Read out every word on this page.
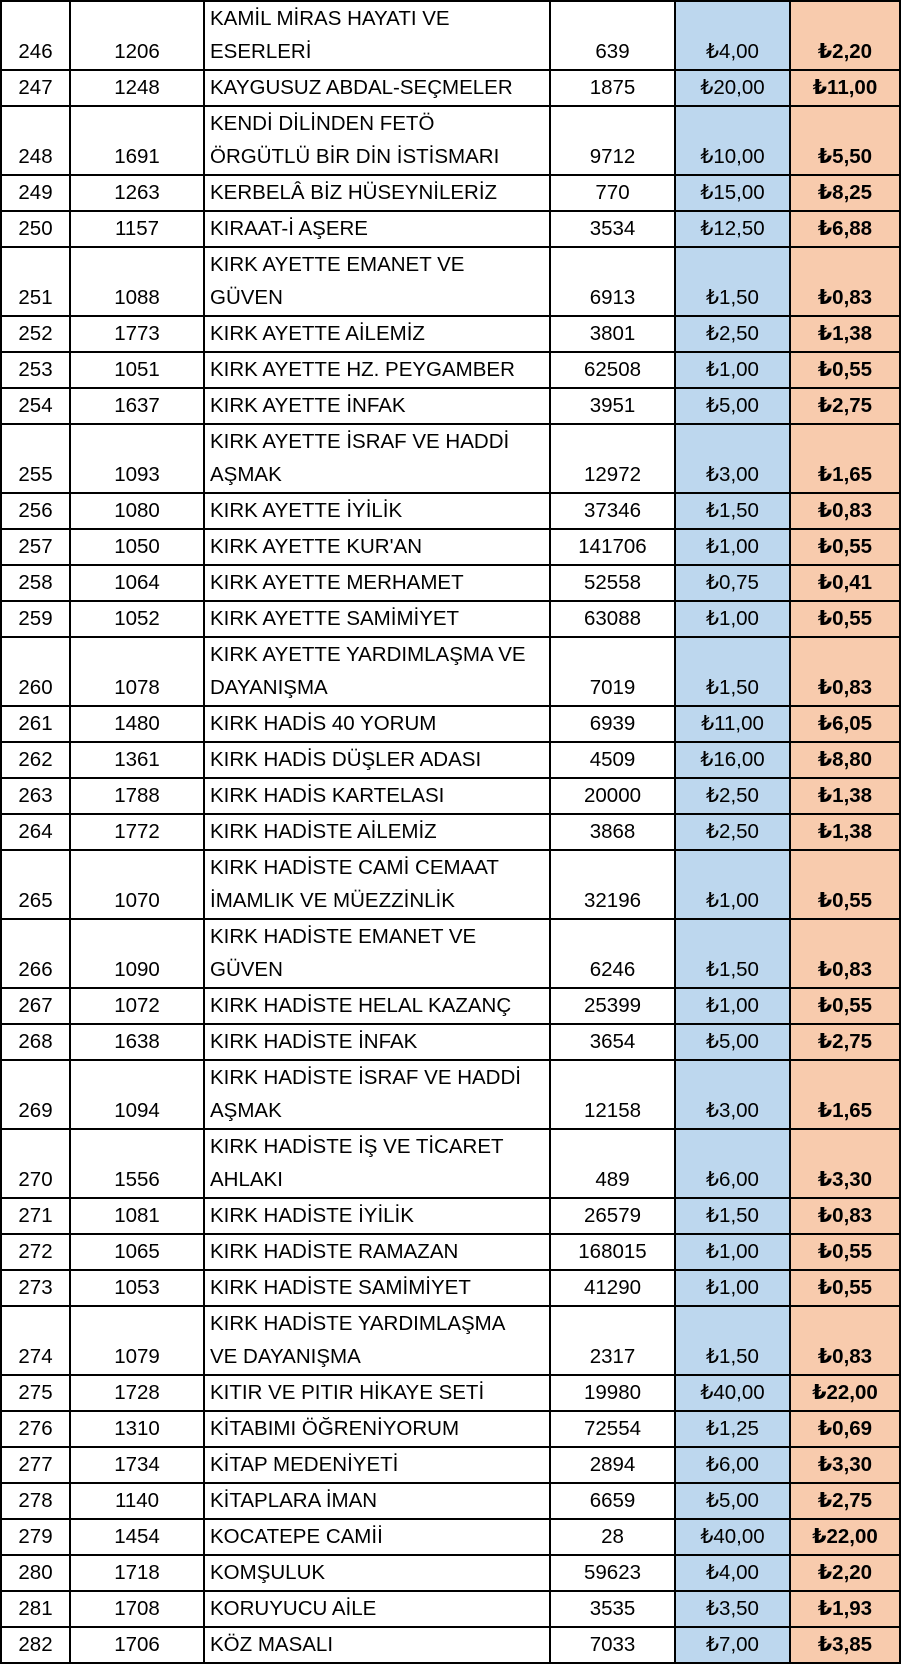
246	1206	KAMİL MİRAS HAYATI VE
ESERLERİ	639	₺4,00	₺2,20
247	1248	KAYGUSUZ ABDAL-SEÇMELER	1875	₺20,00	₺11,00
248	1691	KENDİ DİLİNDEN FETÖ
ÖRGÜTLÜ BİR DİN İSTİSMARI	9712	₺10,00	₺5,50
249	1263	KERBELÂ BİZ HÜSEYNİLERİZ	770	₺15,00	₺8,25
250	1157	KIRAAT-İ AŞERE	3534	₺12,50	₺6,88
251	1088	KIRK AYETTE EMANET VE
GÜVEN	6913	₺1,50	₺0,83
252	1773	KIRK AYETTE AİLEMİZ	3801	₺2,50	₺1,38
253	1051	KIRK AYETTE HZ. PEYGAMBER	62508	₺1,00	₺0,55
254	1637	KIRK AYETTE İNFAK	3951	₺5,00	₺2,75
255	1093	KIRK AYETTE İSRAF VE HADDİ
AŞMAK	12972	₺3,00	₺1,65
256	1080	KIRK AYETTE İYİLİK	37346	₺1,50	₺0,83
257	1050	KIRK AYETTE KUR'AN	141706	₺1,00	₺0,55
258	1064	KIRK AYETTE MERHAMET	52558	₺0,75	₺0,41
259	1052	KIRK AYETTE SAMİMİYET	63088	₺1,00	₺0,55
260	1078	KIRK AYETTE YARDIMLAŞMA VE
DAYANIŞMA	7019	₺1,50	₺0,83
261	1480	KIRK HADİS 40 YORUM	6939	₺11,00	₺6,05
262	1361	KIRK HADİS DÜŞLER ADASI	4509	₺16,00	₺8,80
263	1788	KIRK HADİS KARTELASI	20000	₺2,50	₺1,38
264	1772	KIRK HADİSTE AİLEMİZ	3868	₺2,50	₺1,38
265	1070	KIRK HADİSTE CAMİ CEMAAT
İMAMLIK VE MÜEZZİNLİK	32196	₺1,00	₺0,55
266	1090	KIRK HADİSTE EMANET VE
GÜVEN	6246	₺1,50	₺0,83
267	1072	KIRK HADİSTE HELAL KAZANÇ	25399	₺1,00	₺0,55
268	1638	KIRK HADİSTE İNFAK	3654	₺5,00	₺2,75
269	1094	KIRK HADİSTE İSRAF VE HADDİ
AŞMAK	12158	₺3,00	₺1,65
270	1556	KIRK HADİSTE İŞ VE TİCARET
AHLAKI	489	₺6,00	₺3,30
271	1081	KIRK HADİSTE İYİLİK	26579	₺1,50	₺0,83
272	1065	KIRK HADİSTE RAMAZAN	168015	₺1,00	₺0,55
273	1053	KIRK HADİSTE SAMİMİYET	41290	₺1,00	₺0,55
274	1079	KIRK HADİSTE YARDIMLAŞMA
VE DAYANIŞMA	2317	₺1,50	₺0,83
275	1728	KITIR VE PITIR HİKAYE SETİ	19980	₺40,00	₺22,00
276	1310	KİTABIMI ÖĞRENİYORUM	72554	₺1,25	₺0,69
277	1734	KİTAP MEDENİYETİ	2894	₺6,00	₺3,30
278	1140	KİTAPLARA İMAN	6659	₺5,00	₺2,75
279	1454	KOCATEPE CAMİİ	28	₺40,00	₺22,00
280	1718	KOMŞULUK	59623	₺4,00	₺2,20
281	1708	KORUYUCU AİLE	3535	₺3,50	₺1,93
282	1706	KÖZ MASALI	7033	₺7,00	₺3,85
